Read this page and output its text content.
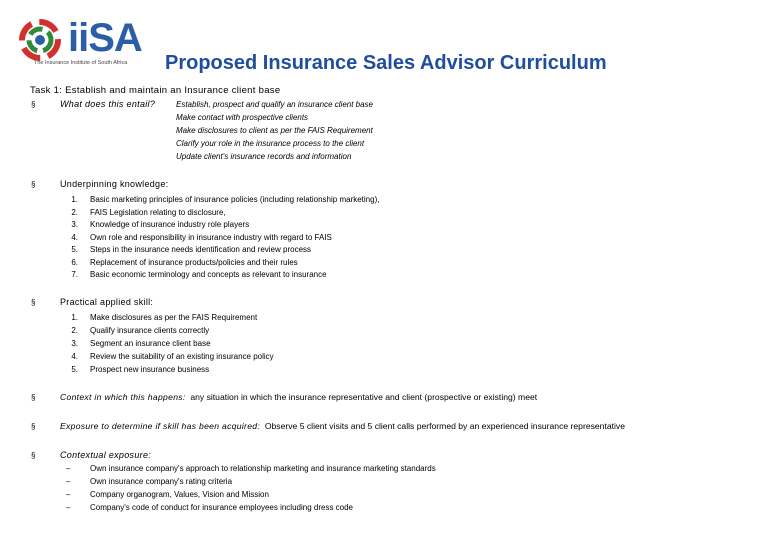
iiSA
The Insurance Institute of South Africa Proposed Insurance Sales Advisor Curriculum
Task 1: Establish and maintain an Insurance client base
§	What does this entail?	Establish, prospect and qualify an insurance client base
Make contact with prospective clients
Make disclosures to client as per the FAIS Requirement
Clarify your role in the insurance process to the client
Update client's insurance records and information
§	Underpinning knowledge:
1. Basic marketing principles of insurance policies (including relationship marketing),
2. FAIS Legislation relating to disclosure,
3. Knowledge of insurance industry role players
4. Own role and responsibility in insurance industry with regard to FAIS
5. Steps in the insurance needs identification and review process
6. Replacement of insurance products/policies and their rules
7. Basic economic terminology and concepts as relevant to insurance
§	Practical applied skill:
1. Make disclosures as per the FAIS Requirement
2. Qualify insurance clients correctly
3. Segment an insurance client base
4. Review the suitability of an existing insurance policy
5. Prospect new insurance business
§	Context in which this happens: any situation in which the insurance representative and client (prospective or existing) meet
§	Exposure to determine if skill has been acquired: Observe 5 client visits and 5 client calls performed by an experienced insurance representative
§	Contextual exposure:
– Own insurance company's approach to relationship marketing and insurance marketing standards
– Own insurance company's rating criteria
– Company organogram, Values, Vision and Mission
– Company's code of conduct for insurance employees including dress code
